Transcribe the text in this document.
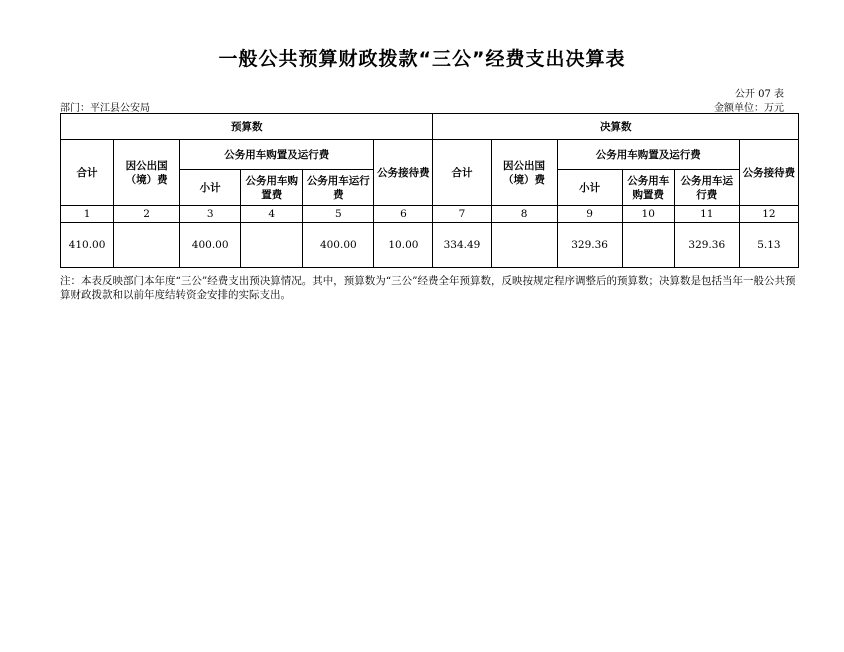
一般公共预算财政拨款“三公”经费支出决算表
公开 07 表
部门：平江县公安局	金额单位：万元
预算数						决算数					
合计	因公出国（境）费	公务用车购置及运行费			公务接待费	合计	因公出国（境）费	公务用车购置及运行费			公务接待费
		小计	公务用车购置费	公务用车运行费				小计	公务用车购置费	公务用车运行费	
1	2	3	4	5	6	7	8	9	10	11	12
410.00		400.00		400.00	10.00	334.49		329.36		329.36	5.13
注：本表反映部门本年度“三公”经费支出预决算情况。其中，预算数为“三公”经费全年预算数，反映按规定程序调整后的预算数；决算数是包括当年一般公共预算财政拨款和以前年度结转资金安排的实际支出。
